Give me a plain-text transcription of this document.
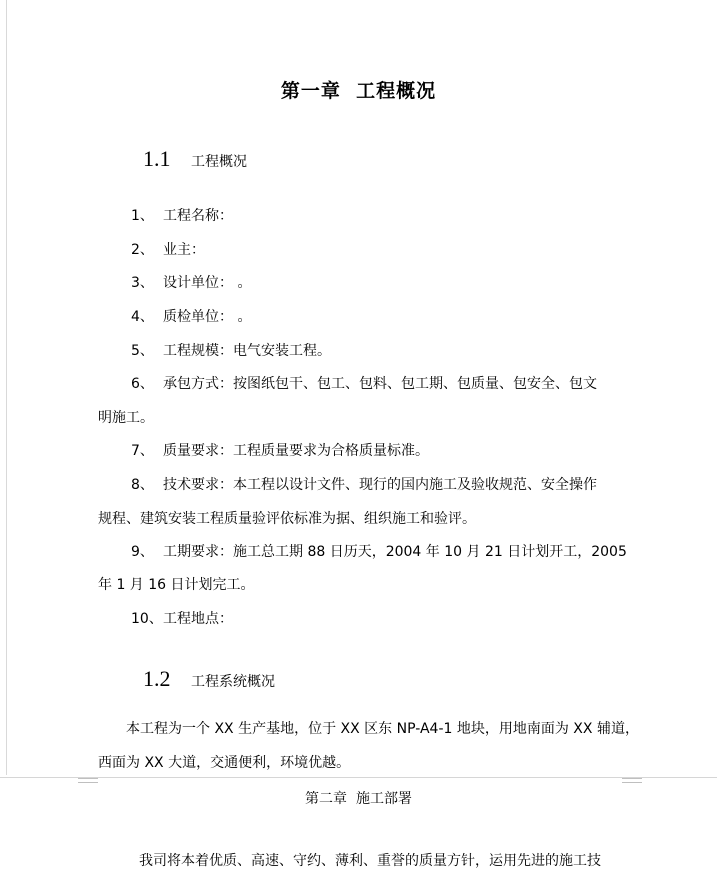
第一章  工程概况
1.1 工程概况
1、 工程名称：
2、 业主：
3、 设计单位： 。
4、 质检单位： 。
5、 工程规模：电气安装工程。
6、 承包方式：按图纸包干、包工、包料、包工期、包质量、包安全、包文
明施工。
7、 质量要求：工程质量要求为合格质量标准。
8、 技术要求：本工程以设计文件、现行的国内施工及验收规范、安全操作
规程、建筑安装工程质量验评依标准为据、组织施工和验评。
9、 工期要求：施工总工期 88 日历天，2004 年 10 月 21 日计划开工，2005
年 1 月 16 日计划完工。
10、工程地点：
1.2 工程系统概况
本工程为一个 XX 生产基地，位于 XX 区东 NP-A4-1 地块，用地南面为 XX 辅道，
西面为 XX 大道，交通便利，环境优越。
第二章  施工部署
我司将本着优质、高速、守约、薄利、重誉的质量方针，运用先进的施工技
